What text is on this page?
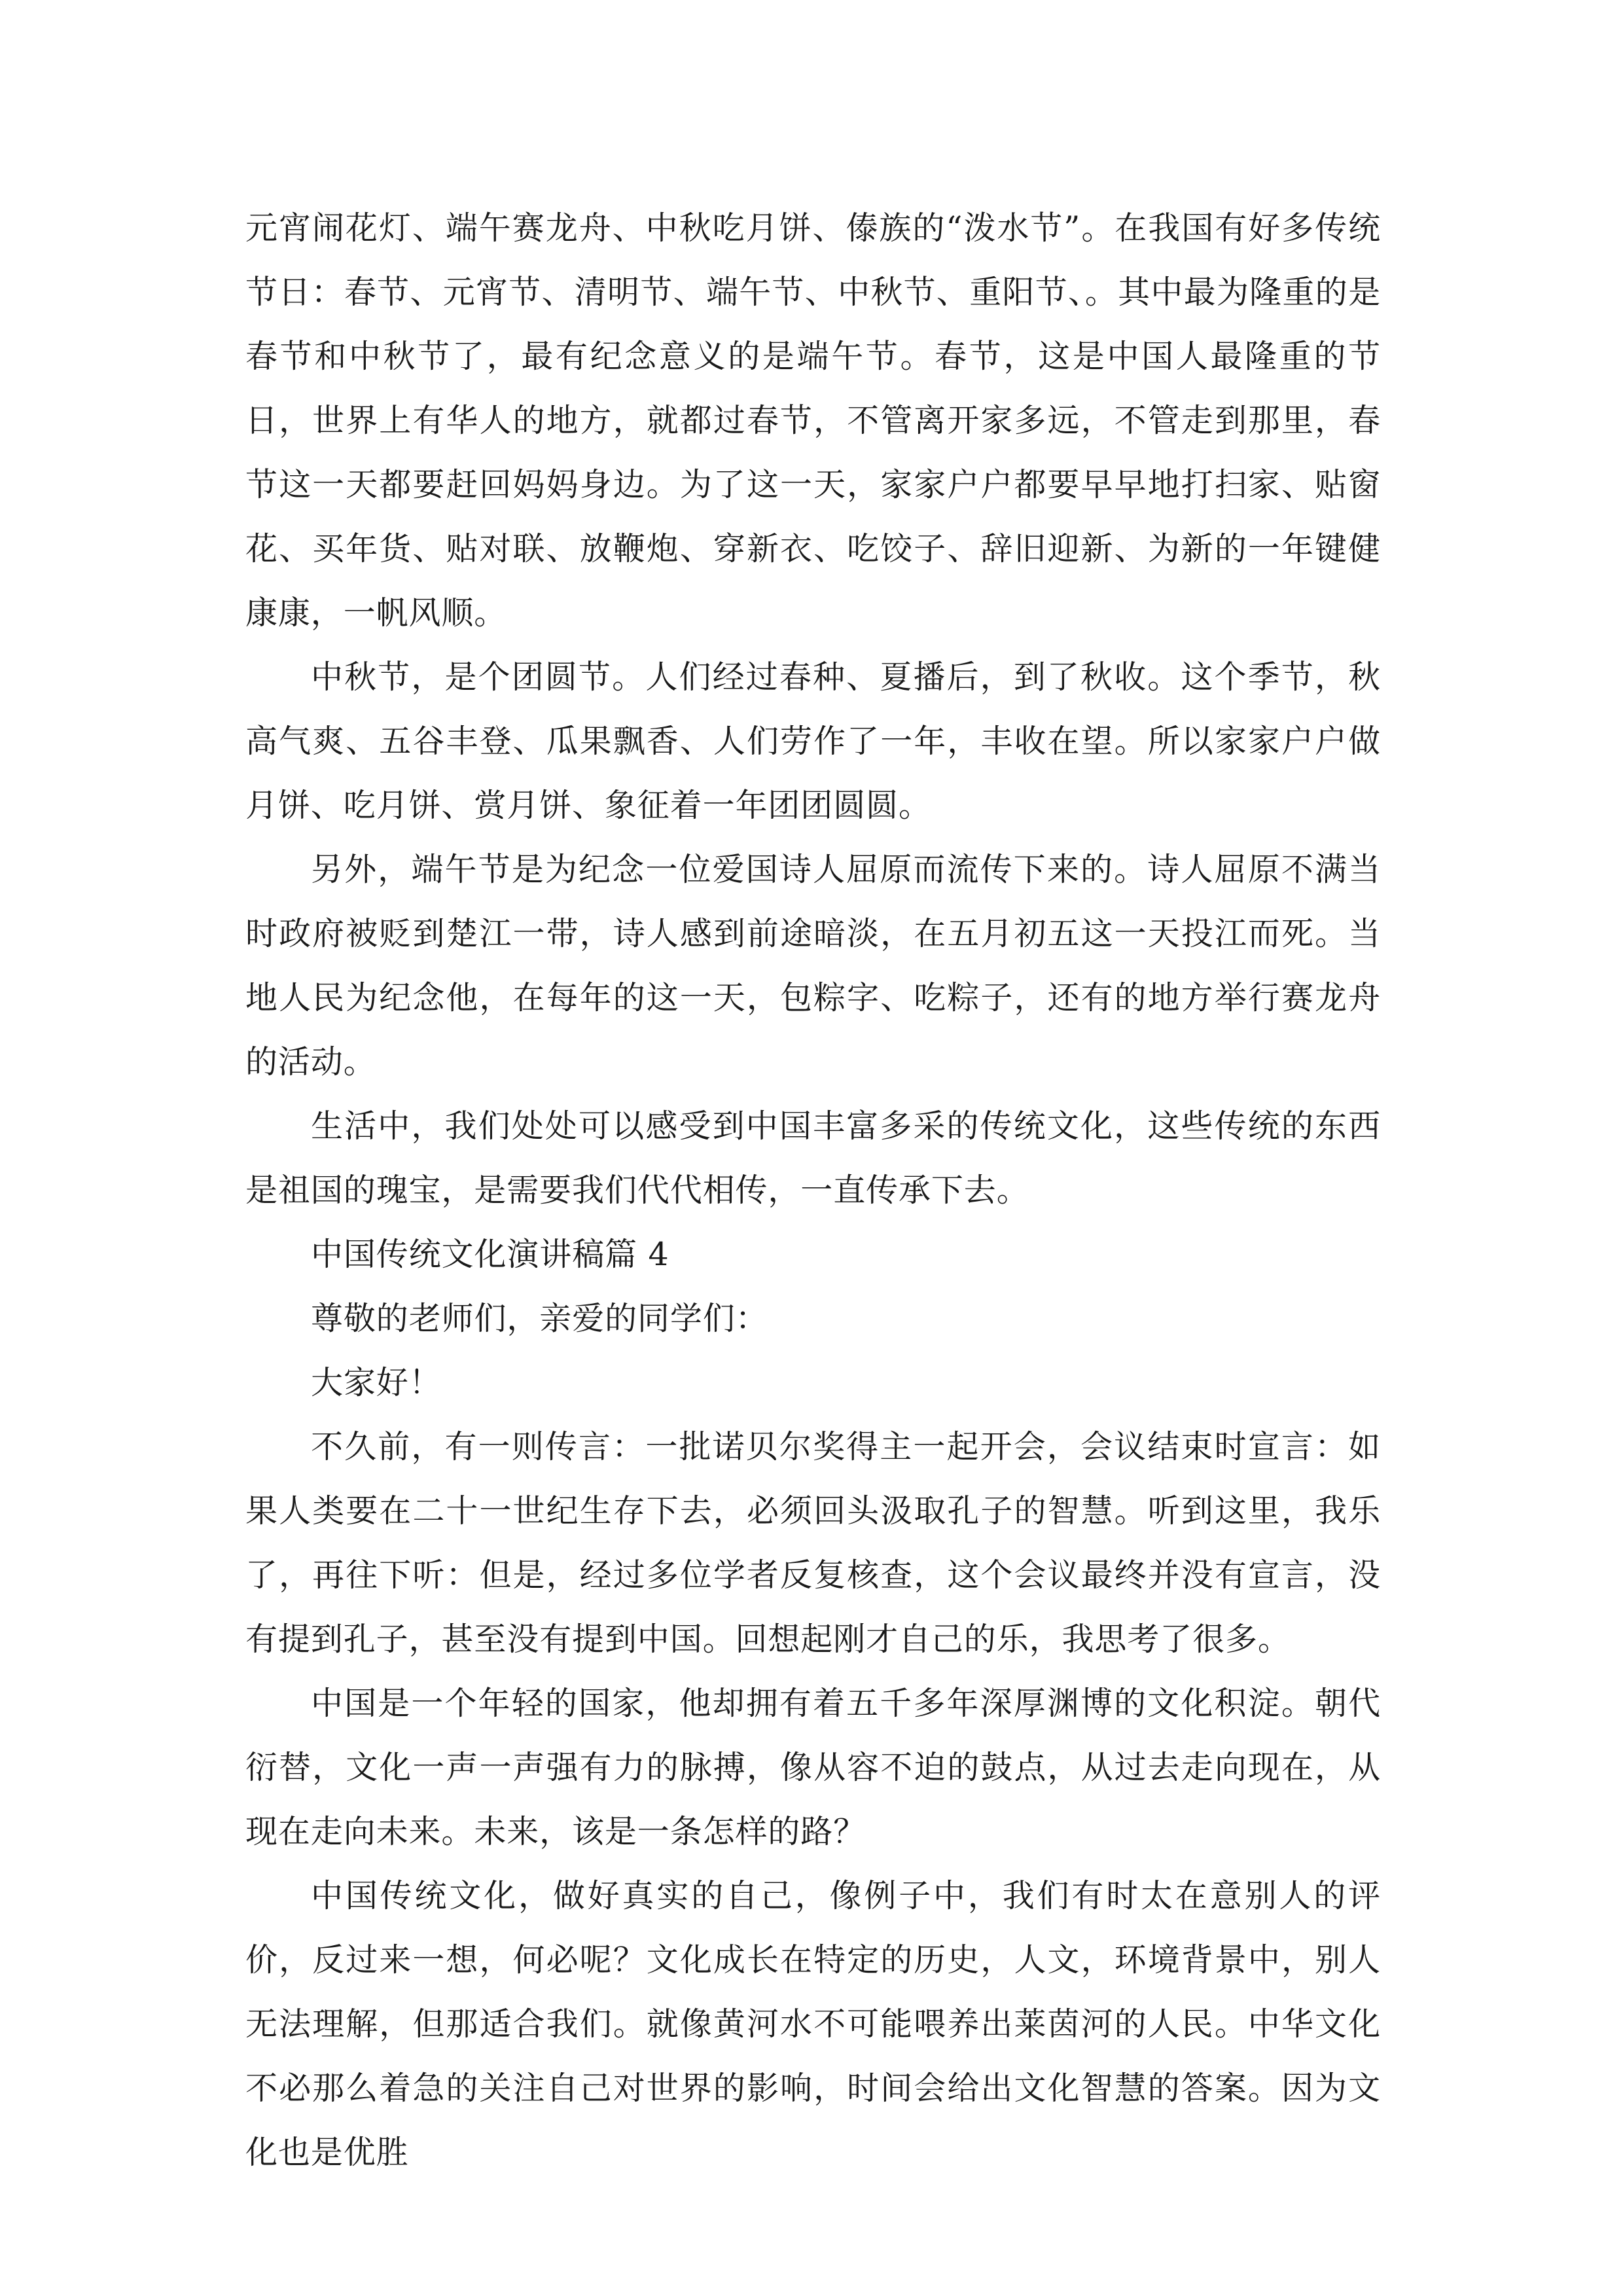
元宵闹花灯、端午赛龙舟、中秋吃月饼、傣族的“泼水节”。在我国有好多传统节日：春节、元宵节、清明节、端午节、中秋节、重阳节、。其中最为隆重的是春节和中秋节了，最有纪念意义的是端午节。春节，这是中国人最隆重的节日，世界上有华人的地方，就都过春节，不管离开家多远，不管走到那里，春节这一天都要赶回妈妈身边。为了这一天，家家户户都要早早地打扫家、贴窗花、买年货、贴对联、放鞭炮、穿新衣、吃饺子、辞旧迎新、为新的一年键健康康，一帆风顺。

中秋节，是个团圆节。人们经过春种、夏播后，到了秋收。这个季节，秋高气爽、五谷丰登、瓜果飘香、人们劳作了一年，丰收在望。所以家家户户做月饼、吃月饼、赏月饼、象征着一年团团圆圆。

另外，端午节是为纪念一位爱国诗人屈原而流传下来的。诗人屈原不满当时政府被贬到楚江一带，诗人感到前途暗淡，在五月初五这一天投江而死。当地人民为纪念他，在每年的这一天，包粽字、吃粽子，还有的地方举行赛龙舟的活动。

生活中，我们处处可以感受到中国丰富多采的传统文化，这些传统的东西是祖国的瑰宝，是需要我们代代相传，一直传承下去。

中国传统文化演讲稿篇 4

尊敬的老师们，亲爱的同学们：

大家好！

不久前，有一则传言：一批诺贝尔奖得主一起开会，会议结束时宣言：如果人类要在二十一世纪生存下去，必须回头汲取孔子的智慧。听到这里，我乐了，再往下听：但是，经过多位学者反复核查，这个会议最终并没有宣言，没有提到孔子，甚至没有提到中国。回想起刚才自己的乐，我思考了很多。

中国是一个年轻的国家，他却拥有着五千多年深厚渊博的文化积淀。朝代衍替，文化一声一声强有力的脉搏，像从容不迫的鼓点，从过去走向现在，从现在走向未来。未来，该是一条怎样的路？

中国传统文化，做好真实的自己，像例子中，我们有时太在意别人的评价，反过来一想，何必呢？文化成长在特定的历史，人文，环境背景中，别人无法理解，但那适合我们。就像黄河水不可能喂养出莱茵河的人民。中华文化不必那么着急的关注自己对世界的影响，时间会给出文化智慧的答案。因为文化也是优胜
